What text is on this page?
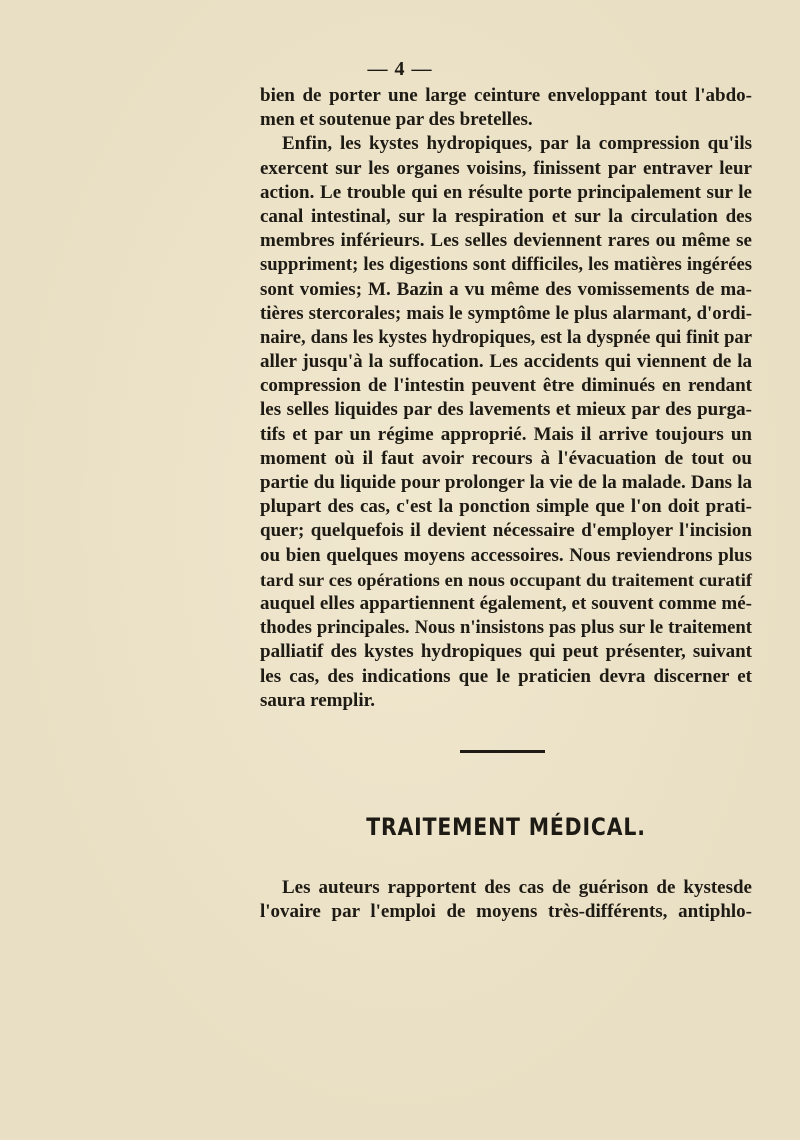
— 4 —
bien de porter une large ceinture enveloppant tout l'abdo-
men et soutenue par des bretelles.
Enfin, les kystes hydropiques, par la compression qu'ils
exercent sur les organes voisins, finissent par entraver leur
action. Le trouble qui en résulte porte principalement sur le
canal intestinal, sur la respiration et sur la circulation des
membres inférieurs. Les selles deviennent rares ou même se
suppriment; les digestions sont difficiles, les matières ingérées
sont vomies; M. Bazin a vu même des vomissements de ma-
tières stercorales; mais le symptôme le plus alarmant, d'ordi-
naire, dans les kystes hydropiques, est la dyspnée qui finit par
aller jusqu'à la suffocation. Les accidents qui viennent de la
compression de l'intestin peuvent être diminués en rendant
les selles liquides par des lavements et mieux par des purga-
tifs et par un régime approprié. Mais il arrive toujours un
moment où il faut avoir recours à l'évacuation de tout ou
partie du liquide pour prolonger la vie de la malade. Dans la
plupart des cas, c'est la ponction simple que l'on doit prati-
quer; quelquefois il devient nécessaire d'employer l'incision
ou bien quelques moyens accessoires. Nous reviendrons plus
tard sur ces opérations en nous occupant du traitement curatif
auquel elles appartiennent également, et souvent comme mé-
thodes principales. Nous n'insistons pas plus sur le traitement
palliatif des kystes hydropiques qui peut présenter, suivant
les cas, des indications que le praticien devra discerner et
saura remplir.
TRAITEMENT MÉDICAL.
Les auteurs rapportent des cas de guérison de kystesde
l'ovaire par l'emploi de moyens très-différents, antiphlo-
